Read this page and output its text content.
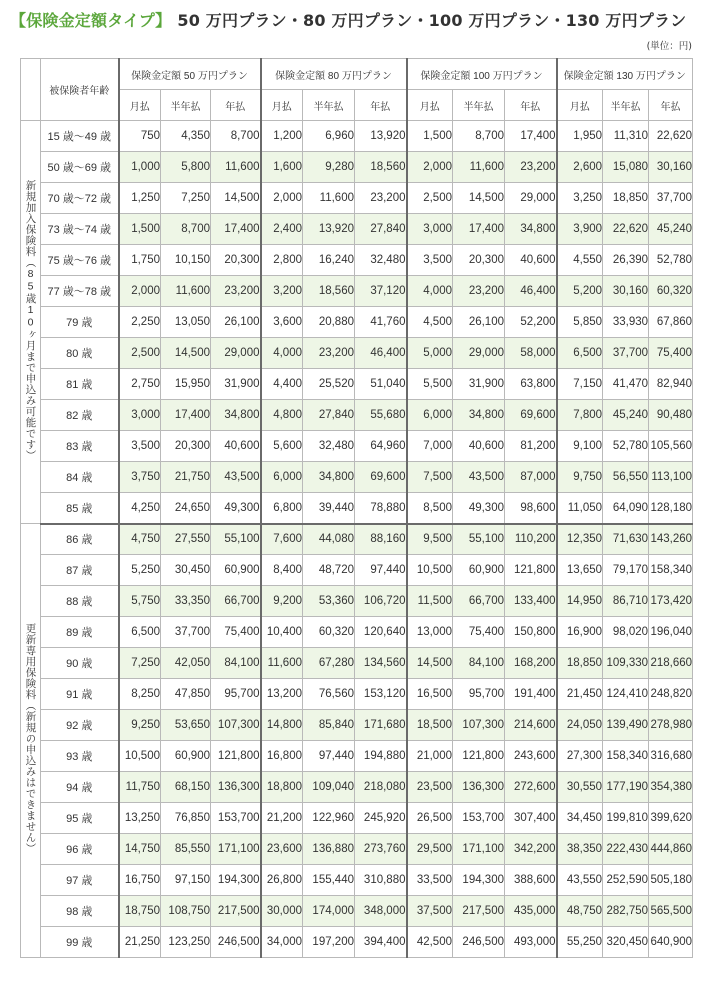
【保険金定額タイプ】 50 万円プラン・80 万円プラン・100 万円プラン・130 万円プラン
(単位：円)
	被保険者年齢	保険金定額 50 万円プラン			保険金定額 80 万円プラン			保険金定額 100 万円プラン			保険金定額 130 万円プラン		
		月払	半年払	年払	月払	半年払	年払	月払	半年払	年払	月払	半年払	年払
新規加入保険料（85歳10ヶ月まで申込み可能です）	15 歳～49 歳	750	4,350	8,700	1,200	6,960	13,920	1,500	8,700	17,400	1,950	11,310	22,620
	50 歳～69 歳	1,000	5,800	11,600	1,600	9,280	18,560	2,000	11,600	23,200	2,600	15,080	30,160
	70 歳～72 歳	1,250	7,250	14,500	2,000	11,600	23,200	2,500	14,500	29,000	3,250	18,850	37,700
	73 歳～74 歳	1,500	8,700	17,400	2,400	13,920	27,840	3,000	17,400	34,800	3,900	22,620	45,240
	75 歳～76 歳	1,750	10,150	20,300	2,800	16,240	32,480	3,500	20,300	40,600	4,550	26,390	52,780
	77 歳～78 歳	2,000	11,600	23,200	3,200	18,560	37,120	4,000	23,200	46,400	5,200	30,160	60,320
	79 歳	2,250	13,050	26,100	3,600	20,880	41,760	4,500	26,100	52,200	5,850	33,930	67,860
	80 歳	2,500	14,500	29,000	4,000	23,200	46,400	5,000	29,000	58,000	6,500	37,700	75,400
	81 歳	2,750	15,950	31,900	4,400	25,520	51,040	5,500	31,900	63,800	7,150	41,470	82,940
	82 歳	3,000	17,400	34,800	4,800	27,840	55,680	6,000	34,800	69,600	7,800	45,240	90,480
	83 歳	3,500	20,300	40,600	5,600	32,480	64,960	7,000	40,600	81,200	9,100	52,780	105,560
	84 歳	3,750	21,750	43,500	6,000	34,800	69,600	7,500	43,500	87,000	9,750	56,550	113,100
	85 歳	4,250	24,650	49,300	6,800	39,440	78,880	8,500	49,300	98,600	11,050	64,090	128,180
更新専用保険料（新規の申込みはできません）	86 歳	4,750	27,550	55,100	7,600	44,080	88,160	9,500	55,100	110,200	12,350	71,630	143,260
	87 歳	5,250	30,450	60,900	8,400	48,720	97,440	10,500	60,900	121,800	13,650	79,170	158,340
	88 歳	5,750	33,350	66,700	9,200	53,360	106,720	11,500	66,700	133,400	14,950	86,710	173,420
	89 歳	6,500	37,700	75,400	10,400	60,320	120,640	13,000	75,400	150,800	16,900	98,020	196,040
	90 歳	7,250	42,050	84,100	11,600	67,280	134,560	14,500	84,100	168,200	18,850	109,330	218,660
	91 歳	8,250	47,850	95,700	13,200	76,560	153,120	16,500	95,700	191,400	21,450	124,410	248,820
	92 歳	9,250	53,650	107,300	14,800	85,840	171,680	18,500	107,300	214,600	24,050	139,490	278,980
	93 歳	10,500	60,900	121,800	16,800	97,440	194,880	21,000	121,800	243,600	27,300	158,340	316,680
	94 歳	11,750	68,150	136,300	18,800	109,040	218,080	23,500	136,300	272,600	30,550	177,190	354,380
	95 歳	13,250	76,850	153,700	21,200	122,960	245,920	26,500	153,700	307,400	34,450	199,810	399,620
	96 歳	14,750	85,550	171,100	23,600	136,880	273,760	29,500	171,100	342,200	38,350	222,430	444,860
	97 歳	16,750	97,150	194,300	26,800	155,440	310,880	33,500	194,300	388,600	43,550	252,590	505,180
	98 歳	18,750	108,750	217,500	30,000	174,000	348,000	37,500	217,500	435,000	48,750	282,750	565,500
	99 歳	21,250	123,250	246,500	34,000	197,200	394,400	42,500	246,500	493,000	55,250	320,450	640,900
